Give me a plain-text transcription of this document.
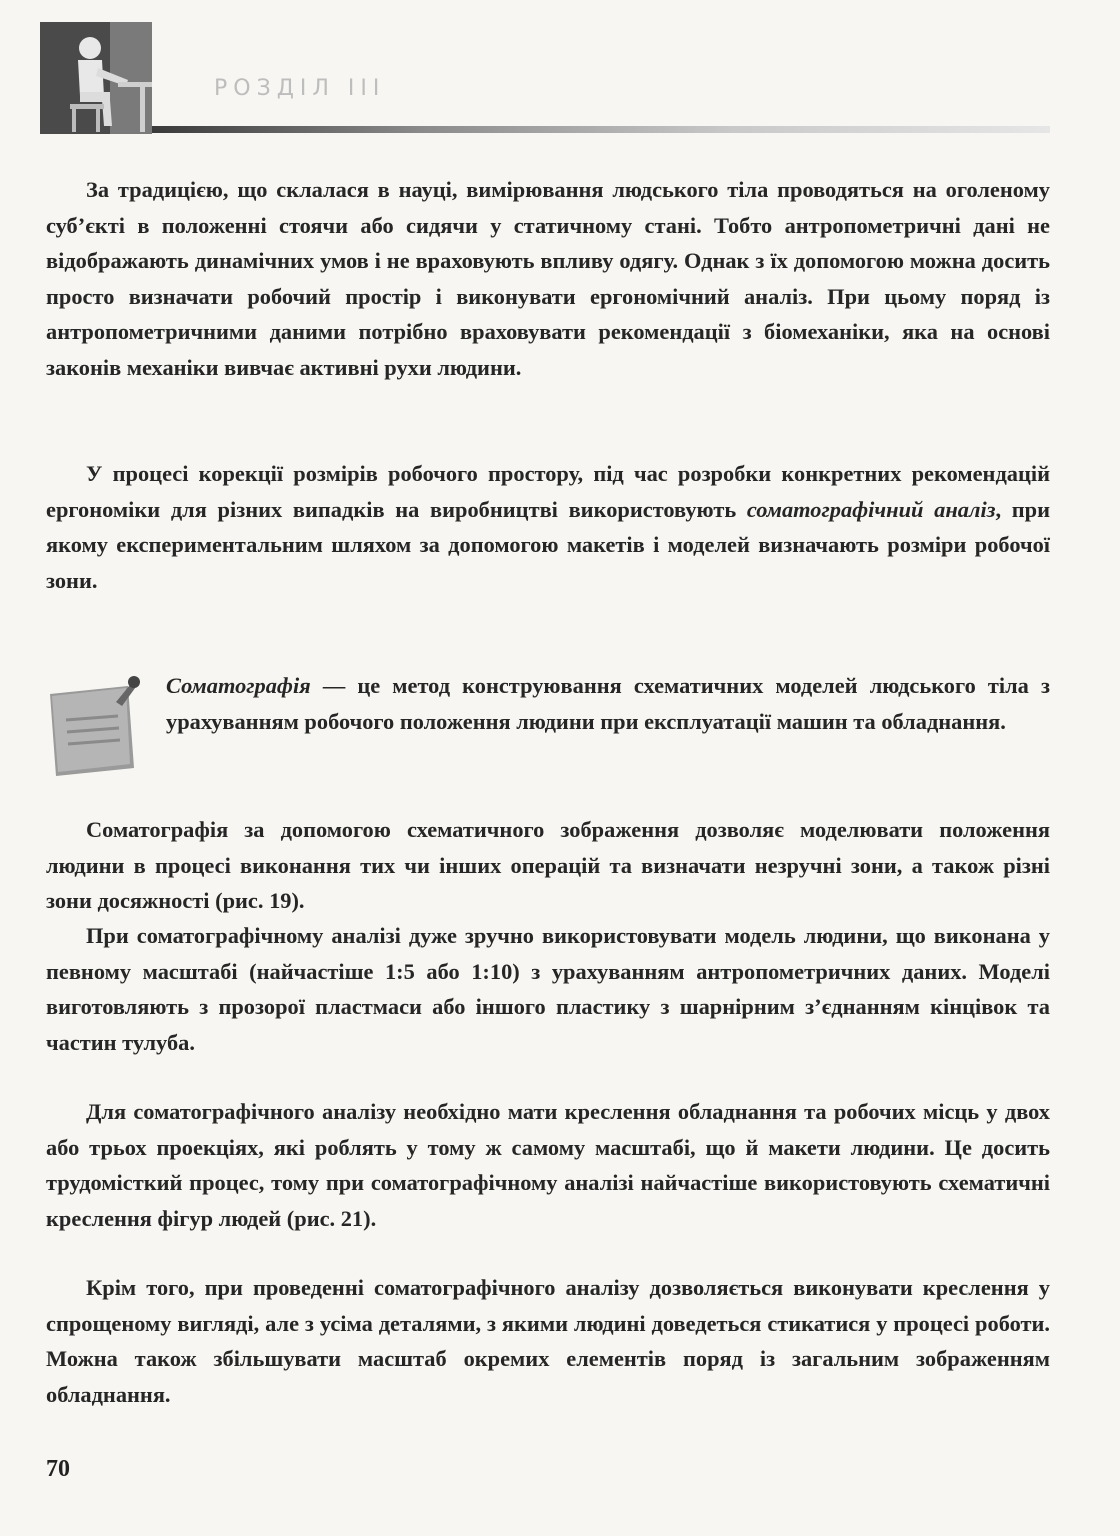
РОЗДІЛ ІІІ

За традицією, що склалася в науці, вимірювання людського тіла проводяться на оголеному суб’єкті в положенні стоячи або сидячи у статичному стані. Тобто антропометричні дані не відображають динамічних умов і не враховують впливу одягу. Однак з їх допомогою можна досить просто визначати робочий простір і виконувати ергономічний аналіз. При цьому поряд із антропометричними даними потрібно враховувати рекомендації з біомеханіки, яка на основі законів механіки вивчає активні рухи людини.

У процесі корекції розмірів робочого простору, під час розробки конкретних рекомендацій ергономіки для різних випадків на виробництві використовують соматографічний аналіз, при якому експериментальним шляхом за допомогою макетів і моделей визначають розміри робочої зони.

Соматографія — це метод конструювання схематичних моделей людського тіла з урахуванням робочого положення людини при експлуатації машин та обладнання.

Соматографія за допомогою схематичного зображення дозволяє моделювати положення людини в процесі виконання тих чи інших операцій та визначати незручні зони, а також різні зони досяжності (рис. 19).

При соматографічному аналізі дуже зручно використовувати модель людини, що виконана у певному масштабі (найчастіше 1:5 або 1:10) з урахуванням антропометричних даних. Моделі виготовляють з прозорої пластмаси або іншого пластику з шарнірним з’єднанням кінцівок та частин тулуба.

Для соматографічного аналізу необхідно мати креслення обладнання та робочих місць у двох або трьох проекціях, які роблять у тому ж самому масштабі, що й макети людини. Це досить трудомісткий процес, тому при соматографічному аналізі найчастіше використовують схематичні креслення фігур людей (рис. 21).

Крім того, при проведенні соматографічного аналізу дозволяється виконувати креслення у спрощеному вигляді, але з усіма деталями, з якими людині доведеться стикатися у процесі роботи. Можна також збільшувати масштаб окремих елементів поряд із загальним зображенням обладнання.

70
